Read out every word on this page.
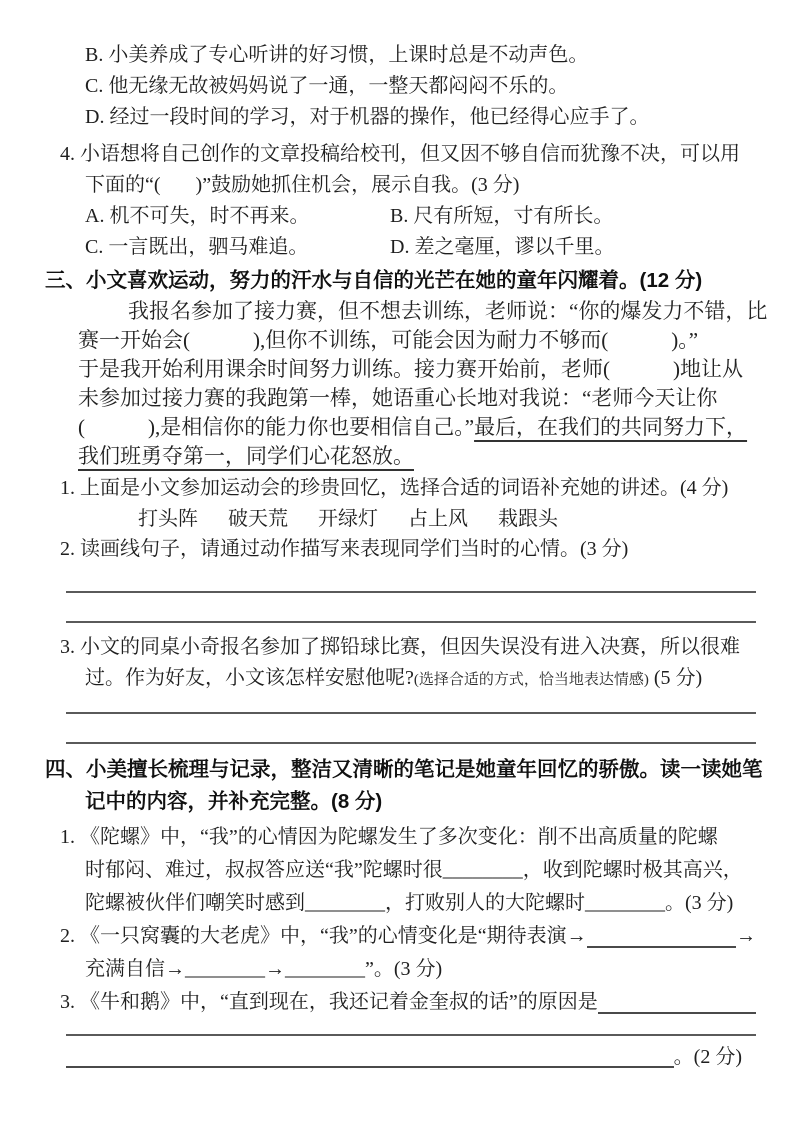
B. 小美养成了专心听讲的好习惯，上课时总是不动声色。
C. 他无缘无故被妈妈说了一通，一整天都闷闷不乐的。
D. 经过一段时间的学习，对于机器的操作，他已经得心应手了。
4. 小语想将自己创作的文章投稿给校刊，但又因不够自信而犹豫不决，可以用
下面的“(       )”鼓励她抓住机会，展示自我。(3 分)
A. 机不可失，时不再来。	B. 尺有所短，寸有所长。
C. 一言既出，驷马难追。	D. 差之毫厘，谬以千里。
三、小文喜欢运动，努力的汗水与自信的光芒在她的童年闪耀着。(12 分)
我报名参加了接力赛，但不想去训练，老师说：“你的爆发力不错，比
赛一开始会(            ),但你不训练，可能会因为耐力不够而(            )。”
于是我开始利用课余时间努力训练。接力赛开始前，老师(            )地让从
未参加过接力赛的我跑第一棒，她语重心长地对我说：“老师今天让你
(            ),是相信你的能力你也要相信自己。”最后，在我们的共同努力下，
我们班勇夺第一，同学们心花怒放。
1. 上面是小文参加运动会的珍贵回忆，选择合适的词语补充她的讲述。(4 分)
打头阵 破天荒 开绿灯 占上风 栽跟头
2. 读画线句子，请通过动作描写来表现同学们当时的心情。(3 分)
3. 小文的同桌小奇报名参加了掷铅球比赛，但因失误没有进入决赛，所以很难
过。作为好友，小文该怎样安慰他呢?(选择合适的方式，恰当地表达情感) (5 分)
四、小美擅长梳理与记录，整洁又清晰的笔记是她童年回忆的骄傲。读一读她笔
记中的内容，并补充完整。(8 分)
1. 《陀螺》中，“我”的心情因为陀螺发生了多次变化：削不出高质量的陀螺
时郁闷、难过，叔叔答应送“我”陀螺时很________，收到陀螺时极其高兴，
陀螺被伙伴们嘲笑时感到________，打败别人的大陀螺时________。(3 分)
2. 《一只窝囊的大老虎》中，“我”的心情变化是“期待表演→	→
充满自信→________→________”。(3 分)
3. 《牛和鹅》中，“直到现在，我还记着金奎叔的话”的原因是
。(2 分)
